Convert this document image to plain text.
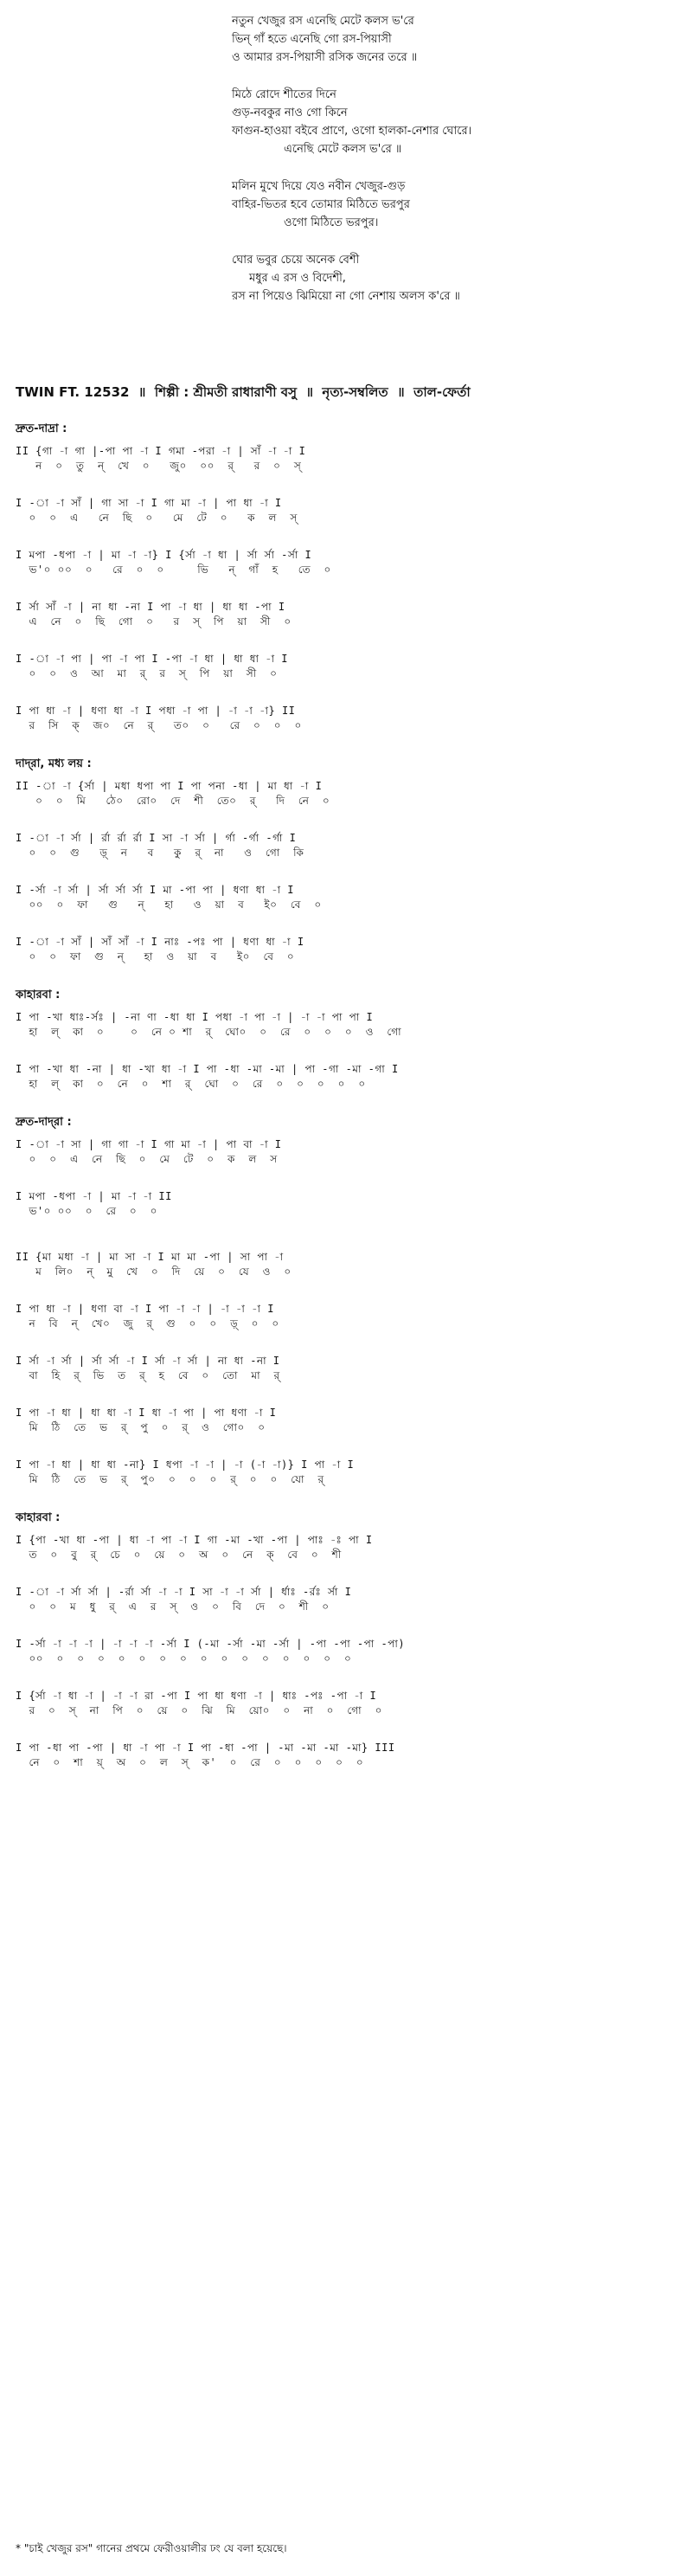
নতুন খেজুর রস এনেছি মেটে কলস ভ'রে
ভিন্ গাঁ হতে এনেছি গো রস-পিয়াসী
ও আমার রস-পিয়াসী রসিক জনের তরে ॥
মিঠে রোদে শীতের দিনে
গুড়-নবকুর নাও গো কিনে
ফাগুন-হাওয়া বইবে প্রাণে, ওগো হালকা-নেশার ঘোরে।
এনেছি মেটে কলস ভ'রে ॥
মলিন মুখে দিয়ে যেও নবীন খেজুর-গুড়
বাহির-ভিতর হবে তোমার মিঠিতে ভরপুর
ওগো মিঠিতে ভরপুর।
ঘোর ভবুর চেয়ে অনেক বেশী
মধুর এ রস ও বিদেশী,
রস না পিয়েও ঝিমিয়ো না গো নেশায় অলস ক'রে ॥
TWIN FT. 12532 ॥ শিল্পী : শ্রীমতী রাধারাণী বসু ॥ নৃত্য-সম্বলিত ॥ তাল-ফের্তা
দ্রুত-দাদ্রা :
II {গা -া গা |-পা পা -া I গমা -পরা -া | সাঁ -া -া I
ন  ০  তু  ন্  খে  ০   জু০  ০০  র্   র  ০  স্
I -া -া সাঁ | গা সা -া I গা মা -া | পা ধা -া I
০  ০  এ   নে  ছি  ০   মে  টে  ০   ক  ল  স্
I মপা -ধপা -া | মা -া -া} I {র্সা -া ধা | র্সা র্সা -র্সা I
ভ'০ ০০  ০   রে  ০  ০     ভি   ন্  গাঁ  হ   তে  ০
I র্সা সাঁ -া | না ধা -না I পা -া ধা | ধা ধা -পা I
এ  নে  ০  ছি  গো  ০   র  স্  পি  য়া  সী  ০
I -া -া পা | পা -া পা I -পা -া ধা | ধা ধা -া I
০  ০  ও  আ  মা  র্  র  স্  পি  য়া  সী  ০
I পা ধা -া | ধণা ধা -া I পধা -া পা | -া -া -া} II
র  সি  ক্  জ০  নে  র্   ত০  ০   রে  ০  ০  ০
দাদ্‌রা, মধ্য লয় :
II -া -া {র্সা | মধা ধপা পা I পা পনা -ধা | মা ধা -া I
০  ০  মি   ঠে০  রো০  দে  শী  তে০  র্   দি  নে  ০
I -া -া র্সা | র্রা র্রা র্রা I সা -া র্সা | র্গা -র্গা -র্গা I
০  ০  গু   ড়্  ন   ব   কু  র্  না   ও  গো  কি
I -র্সা -া র্সা | র্সা র্সা র্সা I মা -পা পা | ধণা ধা -া I
০০  ০  ফা   গু   ন্   হা   ও  য়া  ব   ই০  বে  ০
I -া -া সাঁ | সাঁ সাঁ -া I নাঃ -পঃ পা | ধণা ধা -া I
০  ০  ফা  গু  ন্   হা  ও  য়া  ব   ই০  বে  ০
কাহারবা :
I পা -খা ধাঃ-র্সঃ | -না ণা -ধা ধা I পধা -া পা -া | -া -া পা পা I
হা  ল্  কা  ০    ০  নে ০ শা  র্  ঘো০  ০  রে  ০  ০  ০  ও  গো
I পা -খা ধা -না | ধা -খা ধা -া I পা -ধা -মা -মা | পা -গা -মা -গা I
হা  ল্  কা  ০  নে  ০  শা  র্  ঘো  ০  রে  ০  ০  ০  ০  ০
দ্রুত-দাদ্‌রা :
I -া -া সা | গা গা -া I গা মা -া | পা বা -া I
০  ০  এ  নে  ছি  ০  মে  টে  ০  ক  ল  স
I মপা -ধপা -া | মা -া -া II
ভ'০ ০০  ০  রে  ০  ০
II {মা মধা -া | মা সা -া I মা মা -পা | সা পা -া
ম  লি০  ন্  মু  খে  ০  দি  য়ে  ০  যে  ও  ০
I পা ধা -া | ধণা বা -া I পা -া -া | -া -া -া I
ন  বি  ন্  খে০  জু  র্  গু  ০  ০  ড়্  ০  ০
I র্সা -া র্সা | র্সা র্সা -া I র্সা -া র্সা | না ধা -না I
বা  হি  র্  ভি  ত  র্  হ  বে  ০  তো  মা  র্
I পা -া ধা | ধা ধা -া I ধা -া পা | পা ধণা -া I
মি  ঠি  তে  ভ  র্  পু  ০  র্  ও  গো০  ০
I পা -া ধা | ধা ধা -না} I ধপা -া -া | -া (-া -া)} I পা -া I
মি  ঠি  তে  ভ  র্  পু০  ০  ০  ০  র্  ০  ০  যো  র্
কাহারবা :
I {পা -খা ধা -পা | ধা -া পা -া I গা -মা -খা -পা | পাঃ -ঃ পা I
ত  ০  বু  র্  চে  ০  য়ে  ০  অ  ০  নে  ক্  বে  ০  শী
I -া -া র্সা র্সা | -র্রা র্সা -া -া I সা -া -া র্সা | র্ধাঃ -র্রঃ র্সা I
০  ০  ম  ধু  র্  এ  র  স্  ও  ০  বি  দে  ০  শী  ০
I -র্সা -া -া -া | -া -া -া -র্সা I (-মা -র্সা -মা -র্সা | -পা -পা -পা -পা)
০০  ০  ০  ০  ০  ০  ০  ০  ০  ০  ০  ০  ০  ০  ০  ০
I {র্সা -া ধা -া | -া -া রা -পা I পা ধা ধণা -া | ধাঃ -পঃ -পা -া I
র  ০  স্  না  পি  ০  য়ে  ০  ঝি  মি  য়ো০  ০  না  ০  গো  ০
I পা -ধা পা -পা | ধা -া পা -া I পা -ধা -পা | -মা -মা -মা -মা} III
নে  ০  শা  য়্  অ  ০  ল  স্  ক'  ০  রে  ০  ০  ০  ০  ০
* "চাই খেজুর রস" গানের প্রথমে ফেরীওয়ালীর ঢং যে বলা হয়েছে।
